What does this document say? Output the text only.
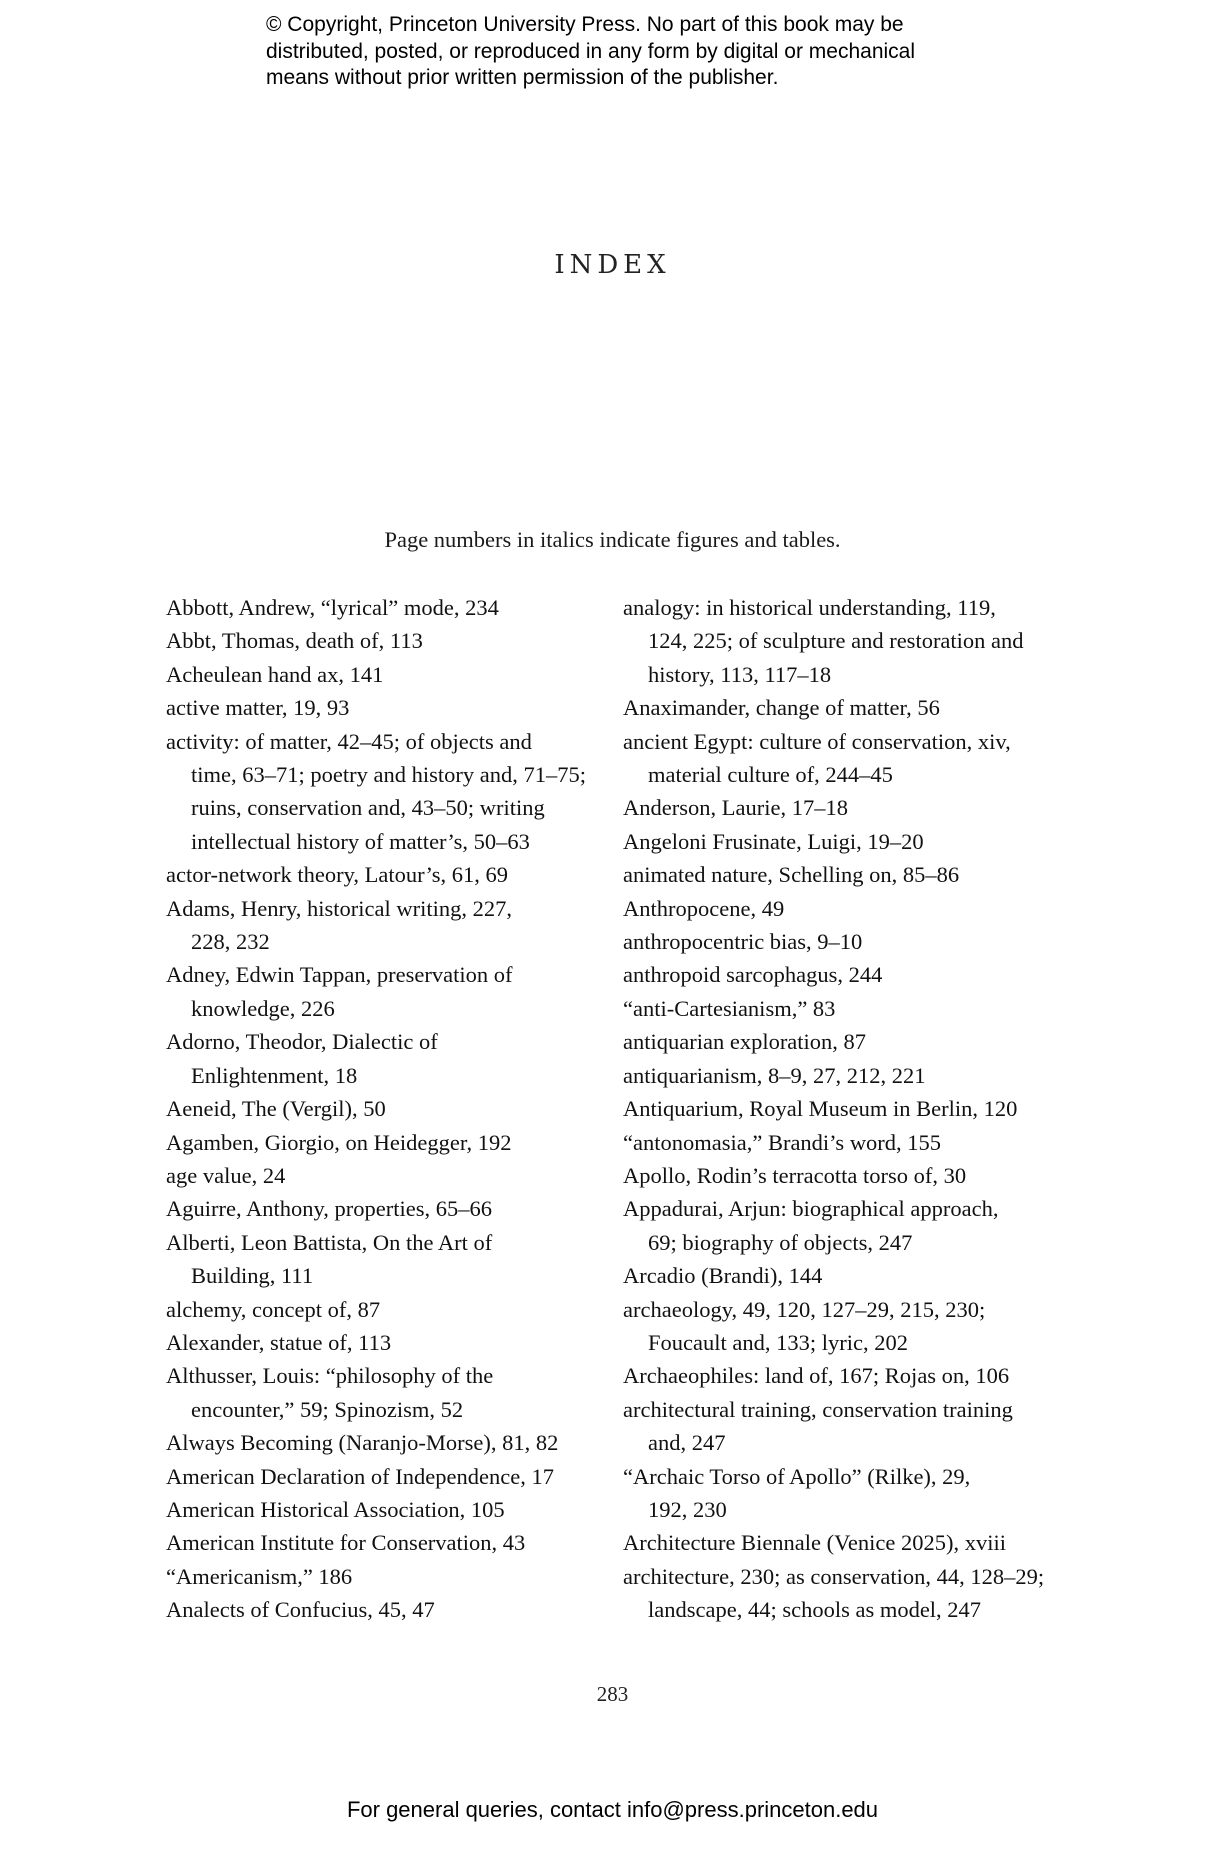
© Copyright, Princeton University Press. No part of this book may be
distributed, posted, or reproduced in any form by digital or mechanical
means without prior written permission of the publisher.
INDEX
Page numbers in italics indicate figures and tables.
Abbott, Andrew, “lyrical” mode, 234
Abbt, Thomas, death of, 113
Acheulean hand ax, 141
active matter, 19, 93
activity: of matter, 42–45; of objects and
time, 63–71; poetry and history and, 71–75;
ruins, conservation and, 43–50; writing
intellectual history of matter’s, 50–63
actor-network theory, Latour’s, 61, 69
Adams, Henry, historical writing, 227,
228, 232
Adney, Edwin Tappan, preservation of
knowledge, 226
Adorno, Theodor, Dialectic of
Enlightenment, 18
Aeneid, The (Vergil), 50
Agamben, Giorgio, on Heidegger, 192
age value, 24
Aguirre, Anthony, properties, 65–66
Alberti, Leon Battista, On the Art of
Building, 111
alchemy, concept of, 87
Alexander, statue of, 113
Althusser, Louis: “philosophy of the
encounter,” 59; Spinozism, 52
Always Becoming (Naranjo-Morse), 81, 82
American Declaration of Independence, 17
American Historical Association, 105
American Institute for Conservation, 43
“Americanism,” 186
Analects of Confucius, 45, 47
analogy: in historical understanding, 119,
124, 225; of sculpture and restoration and
history, 113, 117–18
Anaximander, change of matter, 56
ancient Egypt: culture of conservation, xiv,
material culture of, 244–45
Anderson, Laurie, 17–18
Angeloni Frusinate, Luigi, 19–20
animated nature, Schelling on, 85–86
Anthropocene, 49
anthropocentric bias, 9–10
anthropoid sarcophagus, 244
“anti-Cartesianism,” 83
antiquarian exploration, 87
antiquarianism, 8–9, 27, 212, 221
Antiquarium, Royal Museum in Berlin, 120
“antonomasia,” Brandi’s word, 155
Apollo, Rodin’s terracotta torso of, 30
Appadurai, Arjun: biographical approach,
69; biography of objects, 247
Arcadio (Brandi), 144
archaeology, 49, 120, 127–29, 215, 230;
Foucault and, 133; lyric, 202
Archaeophiles: land of, 167; Rojas on, 106
architectural training, conservation training
and, 247
“Archaic Torso of Apollo” (Rilke), 29,
192, 230
Architecture Biennale (Venice 2025), xviii
architecture, 230; as conservation, 44, 128–29;
landscape, 44; schools as model, 247
283
For general queries, contact info@press.princeton.edu
